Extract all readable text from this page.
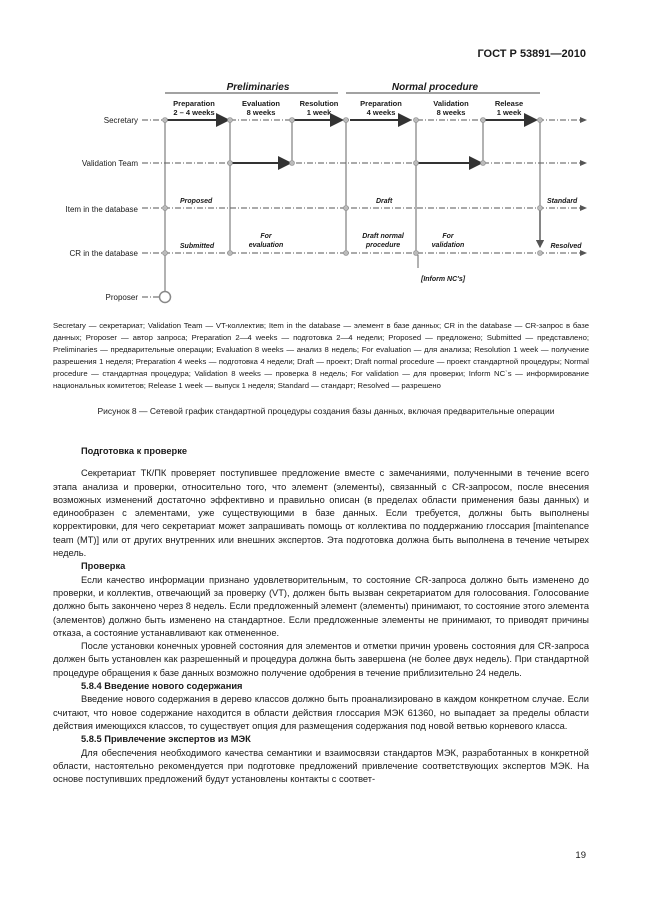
ГОСТ Р 53891—2010
Preliminaries	Normal procedure
Preparation
2 – 4 weeks
Evaluation
8 weeks
Resolution
1 week
Preparation
4 weeks
Validation
8 weeks
Release
1 week
Secretary
Validation Team
Item in the database
CR in the database
Proposer
Proposed	Draft	Standard
Submitted
For
evaluation
Draft normal
procedure
For
validation	Resolved
[Inform NC's]
Secretary — секретариат; Validation Team — VT-коллектив; Item in the database — элемент в базе данных; CR in the database — CR-запрос в базе данных; Proposer — автор запроса; Preparation 2—4 weeks — подготовка 2—4 недели; Proposed — предложено; Submitted — представлено; Preliminaries — предварительные операции; Evaluation 8 weeks — анализ 8 недель; For evaluation — для анализа; Resolution 1 week — получение разрешения 1 неделя; Preparation 4 weeks — подготовка 4 недели; Draft — проект; Draft normal procedure — проект стандартной процедуры; Normal procedure — стандартная процедура; Validation 8 weeks — проверка 8 недель; For validation — для проверки; Inform NC`s — информирование национальных комитетов; Release 1 week — выпуск 1 неделя; Standard — стандарт; Resolved — разрешено
Рисунок 8 — Сетевой график стандартной процедуры создания базы данных, включая предварительные операции
Подготовка к проверке

Секретариат ТК/ПК проверяет поступившее предложение вместе с замечаниями, полученными в течение всего этапа анализа и проверки, относительно того, что элемент (элементы), связанный с CR-запросом, после внесения возможных изменений достаточно эффективно и правильно описан (в пределах области применения базы данных) и единообразен с элементами, уже существующими в базе данных. Если требуется, должны быть выполнены корректировки, для чего секретариат может запрашивать помощь от коллектива по поддержанию глоссария [maintenance team (MT)] или от других внутренних или внешних экспертов. Эта подготовка должна быть выполнена в течение четырех недель.

Проверка

Если качество информации признано удовлетворительным, то состояние CR-запроса должно быть изменено до проверки, и коллектив, отвечающий за проверку (VT), должен быть вызван секретариатом для голосования. Голосование должно быть закончено через 8 недель. Если предложенный элемент (элементы) принимают, то состояние этого элемента (элементов) должно быть изменено на стандартное. Если предложенные элементы не принимают, то приводят причины отказа, а состояние устанавливают как отмененное.

После установки конечных уровней состояния для элементов и отметки причин уровень состояния для CR-запроса должен быть установлен как разрешенный и процедура должна быть завершена (не более двух недель). При стандартной процедуре обращения к базе данных возможно получение одобрения в течение приблизительно 24 недель.

5.8.4 Введение нового содержания

Введение нового содержания в дерево классов должно быть проанализировано в каждом конкретном случае. Если считают, что новое содержание находится в области действия глоссария МЭК 61360, но выпадает за пределы области действия имеющихся классов, то существует опция для размещения содержания под новой ветвью корневого класса.

5.8.5 Привлечение экспертов из МЭК

Для обеспечения необходимого качества семантики и взаимосвязи стандартов МЭК, разработанных в конкретной области, настоятельно рекомендуется при подготовке предложений привлечение соответствующих экспертов МЭК. На основе поступивших предложений будут установлены контакты с соответ-

19
